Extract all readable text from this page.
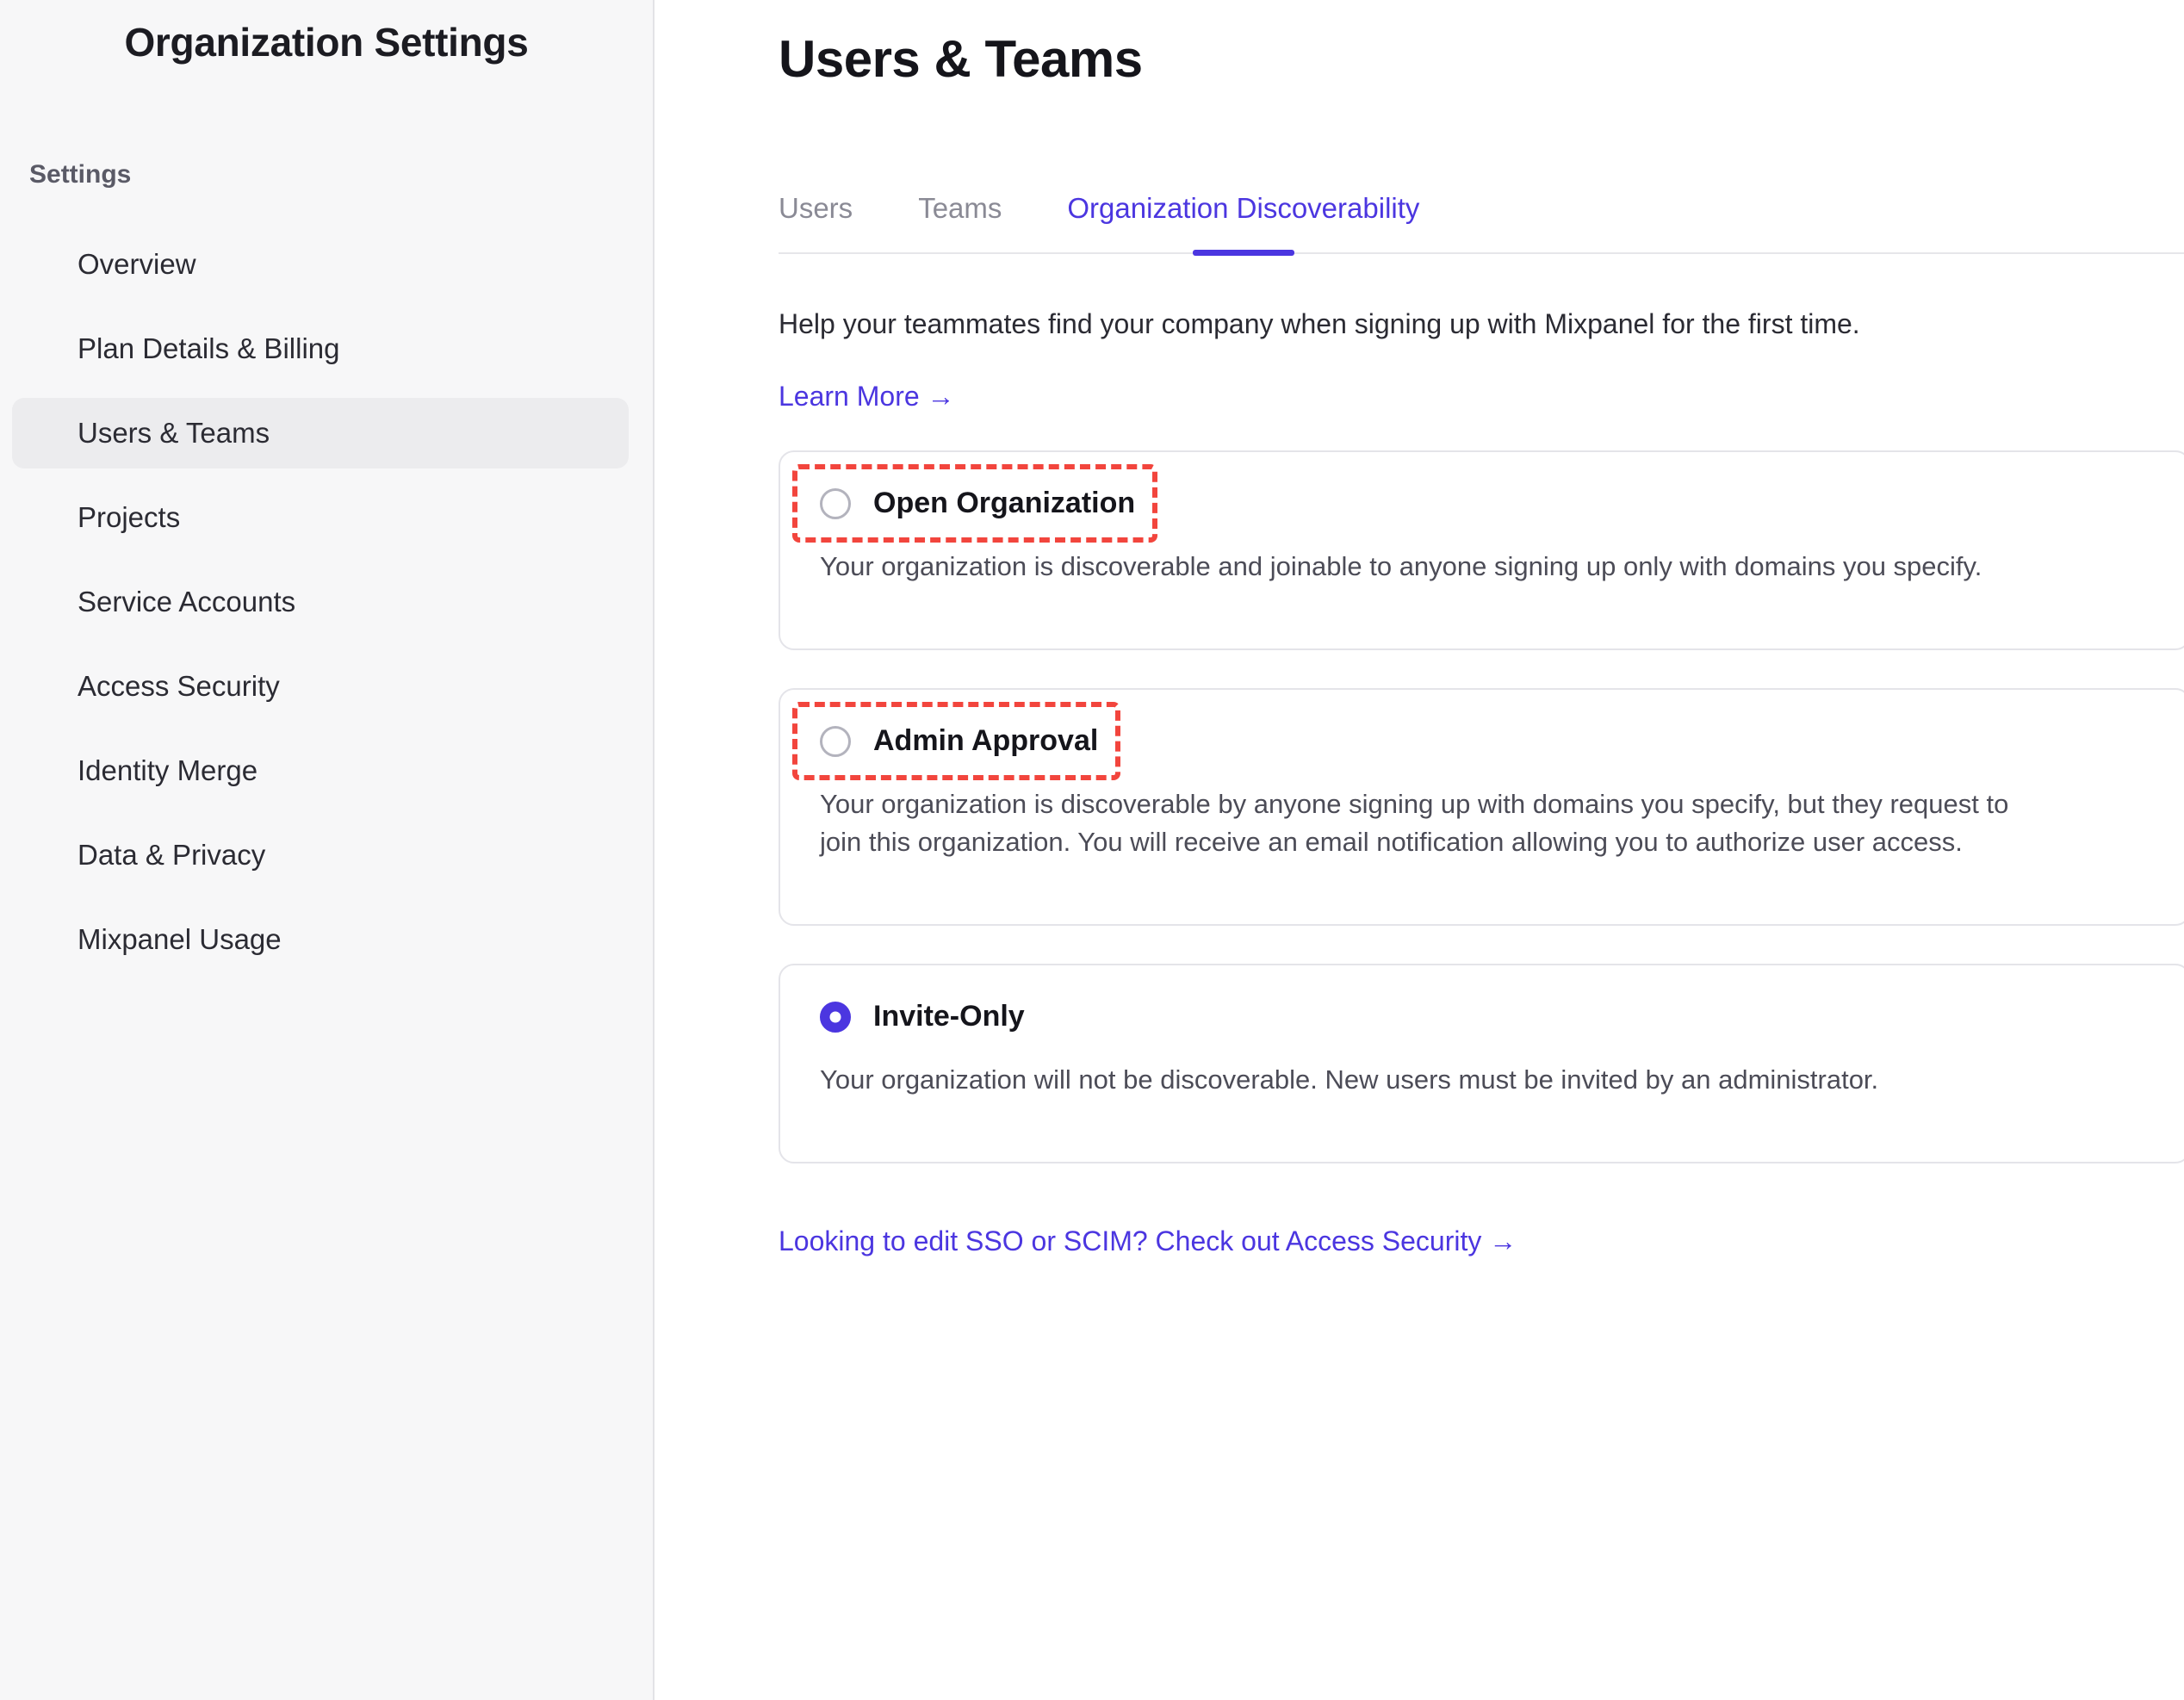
Organization Settings
Settings
Overview
Plan Details & Billing
Users & Teams
Projects
Service Accounts
Access Security
Identity Merge
Data & Privacy
Mixpanel Usage
Users & Teams
Users Teams Organization Discoverability

Help your teammates find your company when signing up with Mixpanel for the first time.

Learn More →
Open Organization

Your organization is discoverable and joinable to anyone signing up only with domains you specify.

Admin Approval

Your organization is discoverable by anyone signing up with domains you specify, but they request to join this organization. You will receive an email notification allowing you to authorize user access.

Invite-Only

Your organization will not be discoverable. New users must be invited by an administrator.

Looking to edit SSO or SCIM? Check out Access Security →
